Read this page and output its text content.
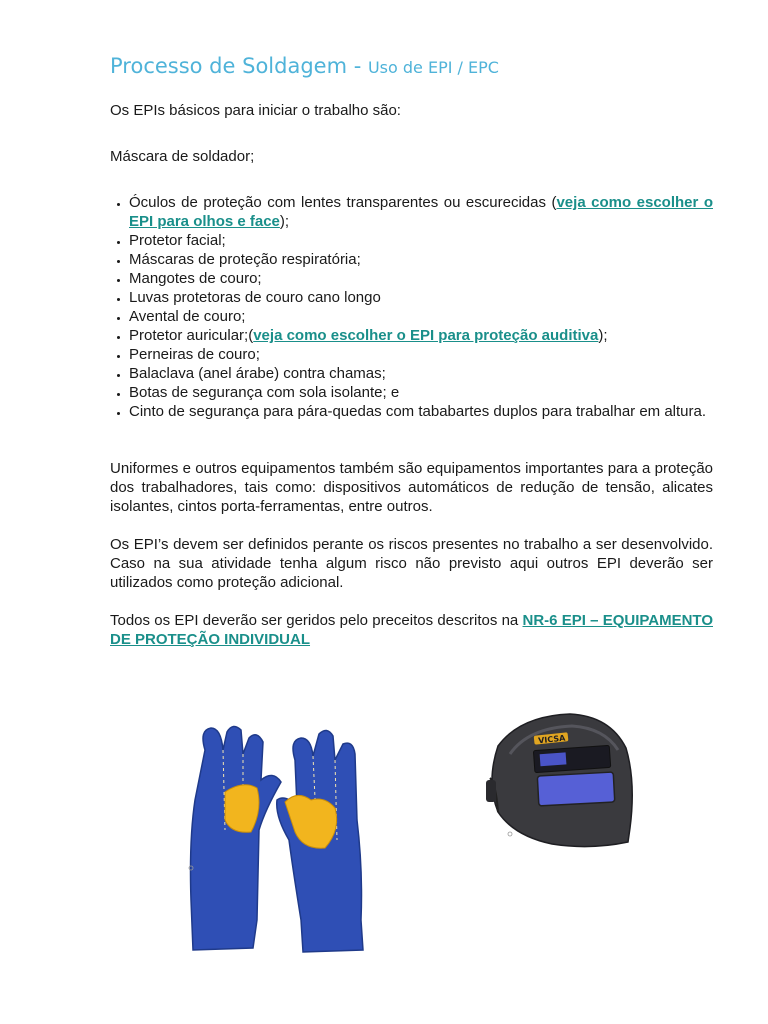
Processo de Soldagem - Uso de EPI / EPC

Os EPIs básicos para iniciar o trabalho são:

Máscara de soldador;

• Óculos de proteção com lentes transparentes ou escurecidas (veja como escolher o EPI para olhos e face);
• Protetor facial;
• Máscaras de proteção respiratória;
• Mangotes de couro;
• Luvas protetoras de couro cano longo
• Avental de couro;
• Protetor auricular;(veja como escolher o EPI para proteção auditiva);
• Perneiras de couro;
• Balaclava (anel árabe) contra chamas;
• Botas de segurança com sola isolante; e
• Cinto de segurança para pára-quedas com tababartes duplos para trabalhar em altura.

Uniformes e outros equipamentos também são equipamentos importantes para a proteção dos trabalhadores, tais como: dispositivos automáticos de redução de tensão, alicates isolantes, cintos porta-ferramentas, entre outros.

Os EPI’s devem ser definidos perante os riscos presentes no trabalho a ser desenvolvido. Caso na sua atividade tenha algum risco não previsto aqui outros EPI deverão ser utilizados como proteção adicional.

Todos os EPI deverão ser geridos pelo preceitos descritos na NR-6 EPI – EQUIPAMENTO DE PROTEÇÃO INDIVIDUAL

VICSA
